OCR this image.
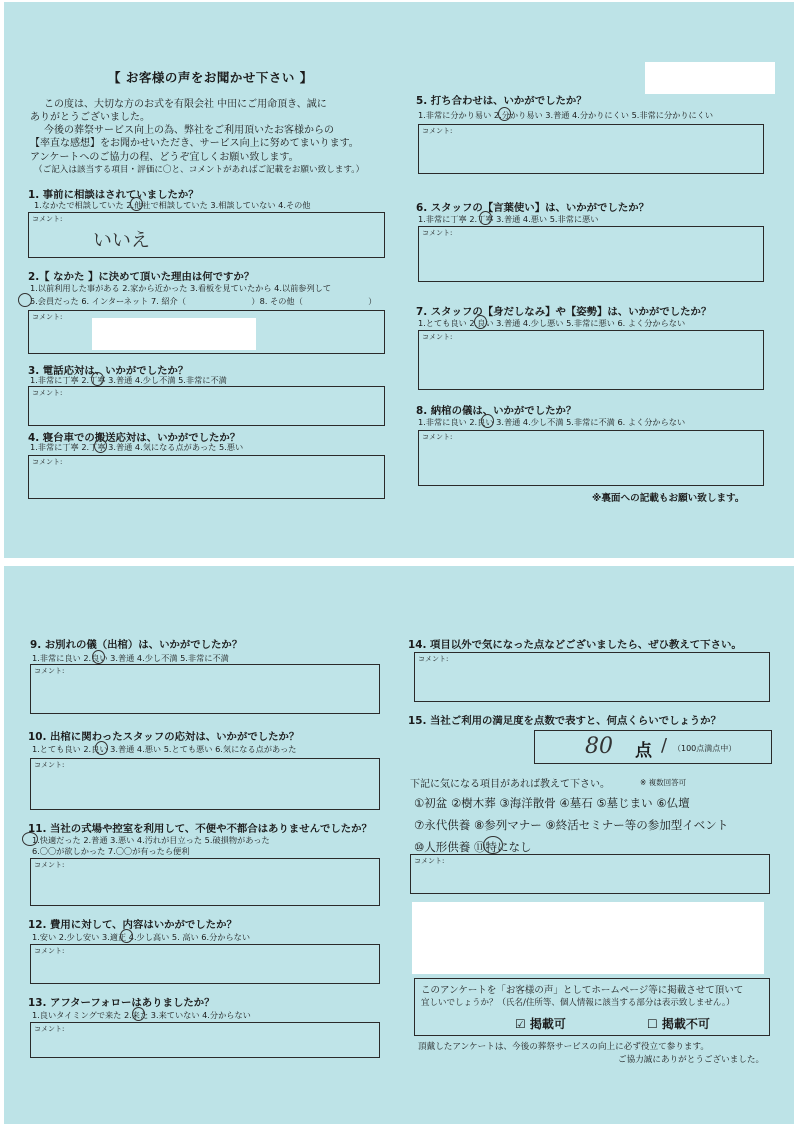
【 お客様の声をお聞かせ下さい 】
この度は、大切な方のお式を有限会社 中田にご用命頂き、誠に
ありがとうございました。
今後の葬祭サービス向上の為、弊社をご利用頂いたお客様からの
【率直な感想】をお聞かせいただき、サービス向上に努めてまいります。
アンケートへのご協力の程、どうぞ宜しくお願い致します。
（ご記入は該当する項目・評価に〇と、コメントがあればご記載をお願い致します。）
1. 事前に相談はされていましたか？
1.なかたで相談していた 2.他社で相談していた 3.相談していない 4.その他
コメント:
いいえ
2.【 なかた 】に決めて頂いた理由は何ですか？
1.以前利用した事がある 2.家から近かった 3.看板を見ていたから 4.以前参列して
5.会員だった 6. インターネット 7. 紹介（　　　　　　　　）8. その他（　　　　　　　　）
コメント:
3. 電話応対は、いかがでしたか？
1.非常に丁寧 2.丁寧 3.普通 4.少し不満 5.非常に不満
コメント:
4. 寝台車での搬送応対は、いかがでしたか？
1.非常に丁寧 2.丁寧 3.普通 4.気になる点があった 5.悪い
コメント:
5. 打ち合わせは、いかがでしたか？
1.非常に分かり易い 2.分かり易い 3.普通 4.分かりにくい 5.非常に分かりにくい
コメント:
6. スタッフの【言葉使い】は、いかがでしたか？
1.非常に丁寧 2.丁寧 3.普通 4.悪い 5.非常に悪い
コメント:
7. スタッフの【身だしなみ】や【姿勢】は、いかがでしたか？
1.とても良い 2.良い 3.普通 4.少し悪い 5.非常に悪い 6. よく分からない
コメント:
8. 納棺の儀は、いかがでしたか？
1.非常に良い 2.良い 3.普通 4.少し不満 5.非常に不満 6. よく分からない
コメント:
※裏面への記載もお願い致します。
9. お別れの儀（出棺）は、いかがでしたか？
1.非常に良い 2.良い 3.普通 4.少し不満 5.非常に不満
コメント:
10. 出棺に関わったスタッフの応対は、いかがでしたか？
1.とても良い 2.良い 3.普通 4.悪い 5.とても悪い 6.気になる点があった
コメント:
11. 当社の式場や控室を利用して、不便や不都合はありませんでしたか？
1.快適だった 2.普通 3.悪い 4.汚れが目立った 5.破損物があった
6.〇〇が欲しかった 7.〇〇が有ったら便利
コメント:
12. 費用に対して、内容はいかがでしたか？
1.安い 2.少し安い 3.適正 4.少し高い 5. 高い 6.分からない
コメント:
13. アフターフォローはありましたか？
1.良いタイミングで来た 2.来た 3.来ていない 4.分からない
コメント:
14. 項目以外で気になった点などございましたら、ぜひ教えて下さい。
コメント:
15. 当社ご利用の満足度を点数で表すと、何点くらいでしょうか？
80 点 / （100点満点中）
下記に気になる項目があれば教えて下さい。	※ 複数回答可
①初盆 ②樹木葬 ③海洋散骨 ④墓石 ⑤墓じまい ⑥仏壇
⑦永代供養 ⑧参列マナー ⑨終活セミナー等の参加型イベント
⑩人形供養 ⑪特になし
コメント:
このアンケートを「お客様の声」としてホームページ等に掲載させて頂いて
宜しいでしょうか？（氏名/住所等、個人情報に該当する部分は表示致しません。）
☑ 掲載可	☐ 掲載不可
頂戴したアンケートは、今後の葬祭サービスの向上に必ず役立て参ります。
ご協力誠にありがとうございました。
